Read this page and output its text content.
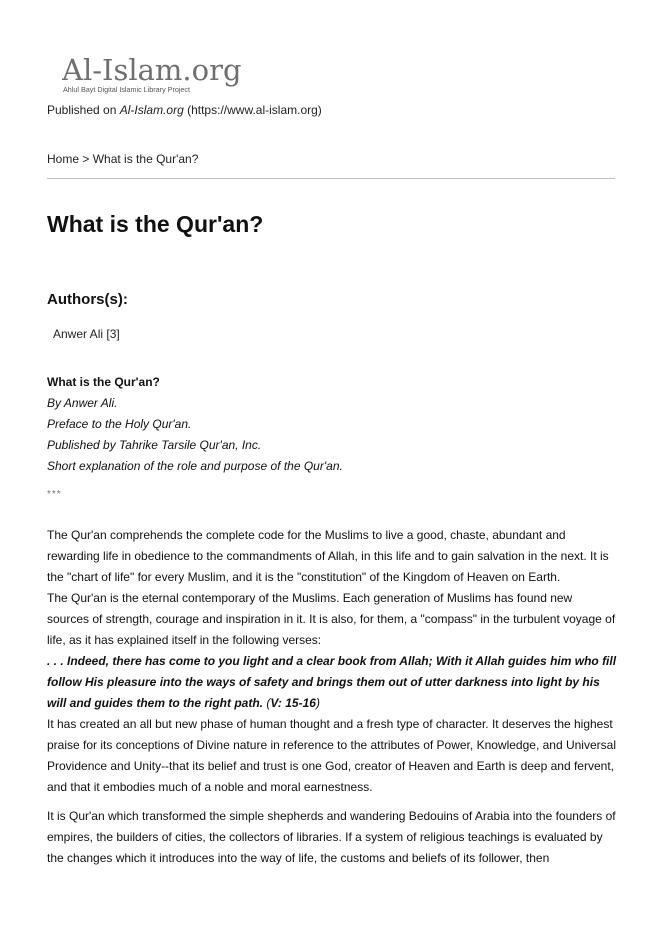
Al-Islam.org
Ahlul Bayt Digital Islamic Library Project
Published on Al-Islam.org (https://www.al-islam.org)
Home > What is the Qur'an?
What is the Qur'an?
Authors(s):
Anwer Ali [3]
What is the Qur'an?
By Anwer Ali.
Preface to the Holy Qur'an.
Published by Tahrike Tarsile Qur'an, Inc.
Short explanation of the role and purpose of the Qur'an.
***

The Qur'an comprehends the complete code for the Muslims to live a good, chaste, abundant and rewarding life in obedience to the commandments of Allah, in this life and to gain salvation in the next. It is the "chart of life" for every Muslim, and it is the "constitution" of the Kingdom of Heaven on Earth.

The Qur'an is the eternal contemporary of the Muslims. Each generation of Muslims has found new sources of strength, courage and inspiration in it. It is also, for them, a "compass" in the turbulent voyage of life, as it has explained itself in the following verses:

. . . Indeed, there has come to you light and a clear book from Allah; With it Allah guides him who fill follow His pleasure into the ways of safety and brings them out of utter darkness into light by his will and guides them to the right path. (V: 15-16)

It has created an all but new phase of human thought and a fresh type of character. It deserves the highest praise for its conceptions of Divine nature in reference to the attributes of Power, Knowledge, and Universal Providence and Unity--that its belief and trust is one God, creator of Heaven and Earth is deep and fervent, and that it embodies much of a noble and moral earnestness.

It is Qur'an which transformed the simple shepherds and wandering Bedouins of Arabia into the founders of empires, the builders of cities, the collectors of libraries. If a system of religious teachings is evaluated by the changes which it introduces into the way of life, the customs and beliefs of its follower, then
